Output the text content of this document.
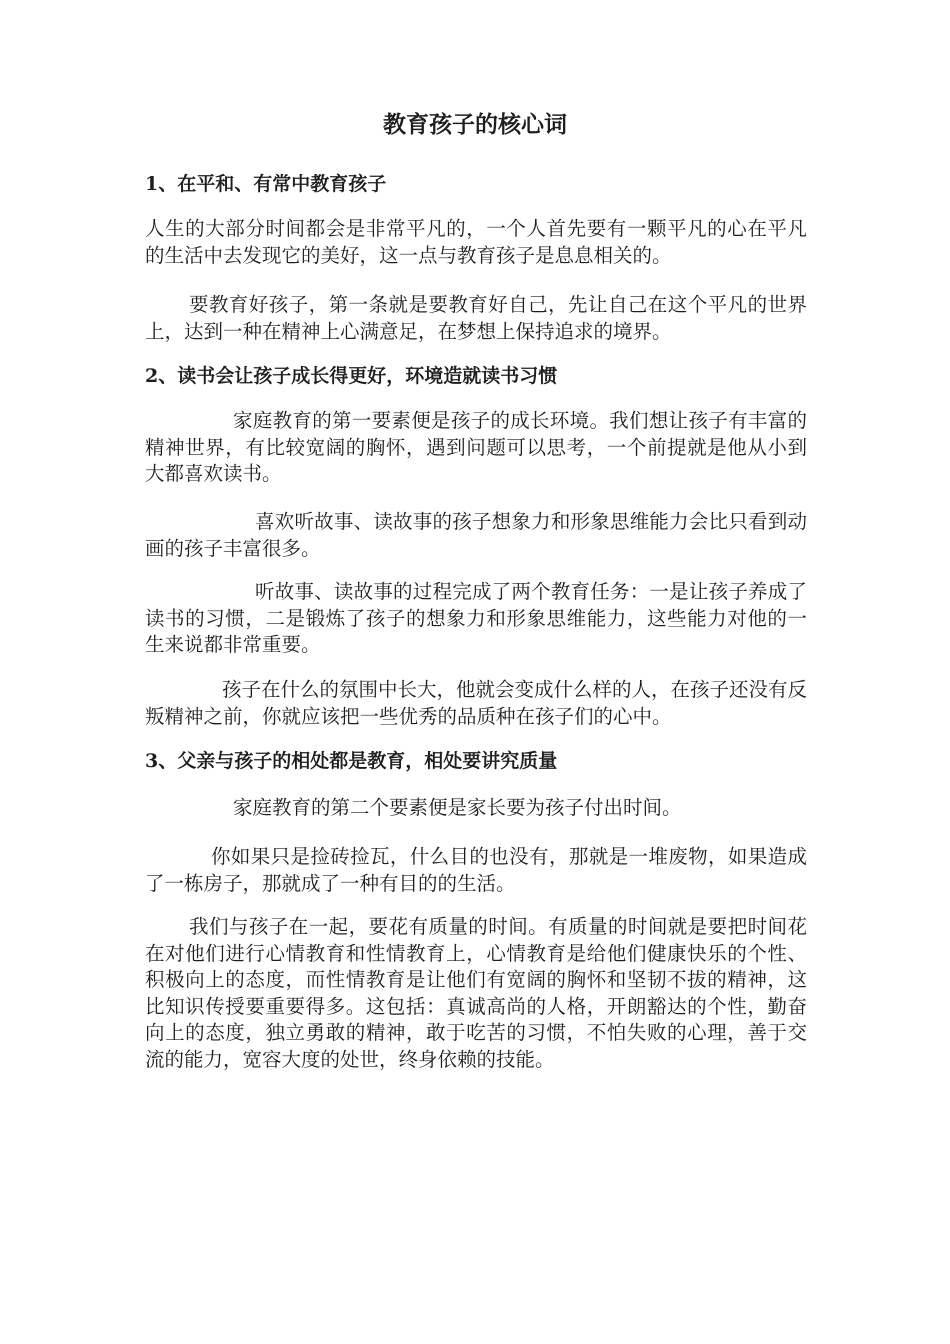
教育孩子的核心词
1、在平和、有常中教育孩子

人生的大部分时间都会是非常平凡的，一个人首先要有一颗平凡的心在平凡的生活中去发现它的美好，这一点与教育孩子是息息相关的。

要教育好孩子，第一条就是要教育好自己，先让自己在这个平凡的世界上，达到一种在精神上心满意足，在梦想上保持追求的境界。

2、读书会让孩子成长得更好，环境造就读书习惯

家庭教育的第一要素便是孩子的成长环境。我们想让孩子有丰富的精神世界，有比较宽阔的胸怀，遇到问题可以思考，一个前提就是他从小到大都喜欢读书。

喜欢听故事、读故事的孩子想象力和形象思维能力会比只看到动画的孩子丰富很多。

听故事、读故事的过程完成了两个教育任务：一是让孩子养成了读书的习惯，二是锻炼了孩子的想象力和形象思维能力，这些能力对他的一生来说都非常重要。

孩子在什么的氛围中长大，他就会变成什么样的人，在孩子还没有反叛精神之前，你就应该把一些优秀的品质种在孩子们的心中。

3、父亲与孩子的相处都是教育，相处要讲究质量

家庭教育的第二个要素便是家长要为孩子付出时间。

你如果只是捡砖捡瓦，什么目的也没有，那就是一堆废物，如果造成了一栋房子，那就成了一种有目的的生活。

我们与孩子在一起，要花有质量的时间。有质量的时间就是要把时间花在对他们进行心情教育和性情教育上，心情教育是给他们健康快乐的个性、积极向上的态度，而性情教育是让他们有宽阔的胸怀和坚韧不拔的精神，这比知识传授要重要得多。这包括：真诚高尚的人格，开朗豁达的个性，勤奋向上的态度，独立勇敢的精神，敢于吃苦的习惯，不怕失败的心理，善于交流的能力，宽容大度的处世，终身依赖的技能。
